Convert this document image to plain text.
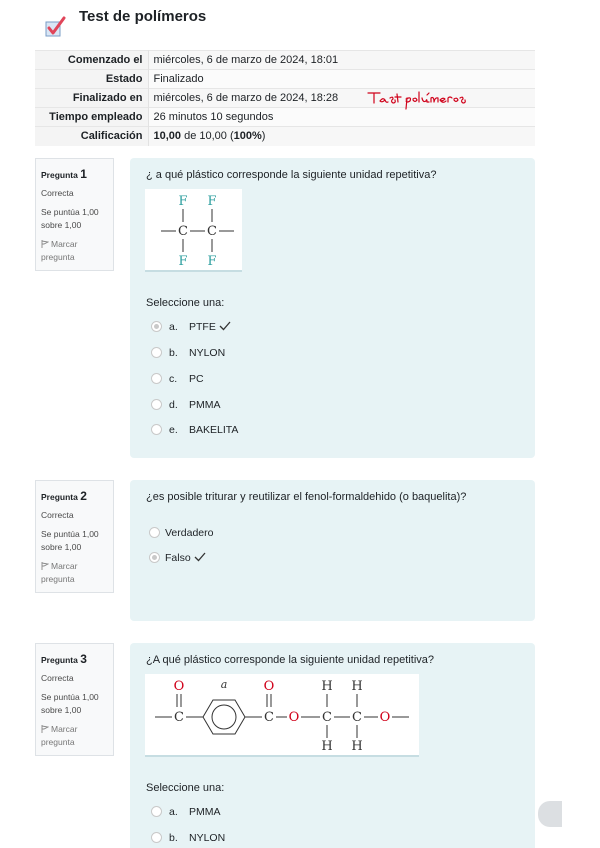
Test de polímeros
Comenzado el	miércoles, 6 de marzo de 2024, 18:01
Estado	Finalizado
Finalizado en	miércoles, 6 de marzo de 2024, 18:28
Tiempo empleado	26 minutos 10 segundos
Calificación	10,00 de 10,00 (100%)
Pregunta 1
Correcta
Se puntúa 1,00 sobre 1,00
Marcar pregunta
¿ a qué plástico corresponde la siguiente unidad repetitiva?
F F
F F
C C
Seleccione una:
a. PTFE
b. NYLON
c. PC
d. PMMA
e. BAKELITA
Pregunta 2
Correcta
Se puntúa 1,00 sobre 1,00
Marcar pregunta
¿es posible triturar y reutilizar el fenol-formaldehido (o baquelita)?
Verdadero
Falso
Pregunta 3
Correcta
Se puntúa 1,00 sobre 1,00
Marcar pregunta
¿A qué plástico corresponde la siguiente unidad repetitiva?
O	O
O	O
C	C	C C
H H
H H
a
Seleccione una:
a. PMMA
b. NYLON
